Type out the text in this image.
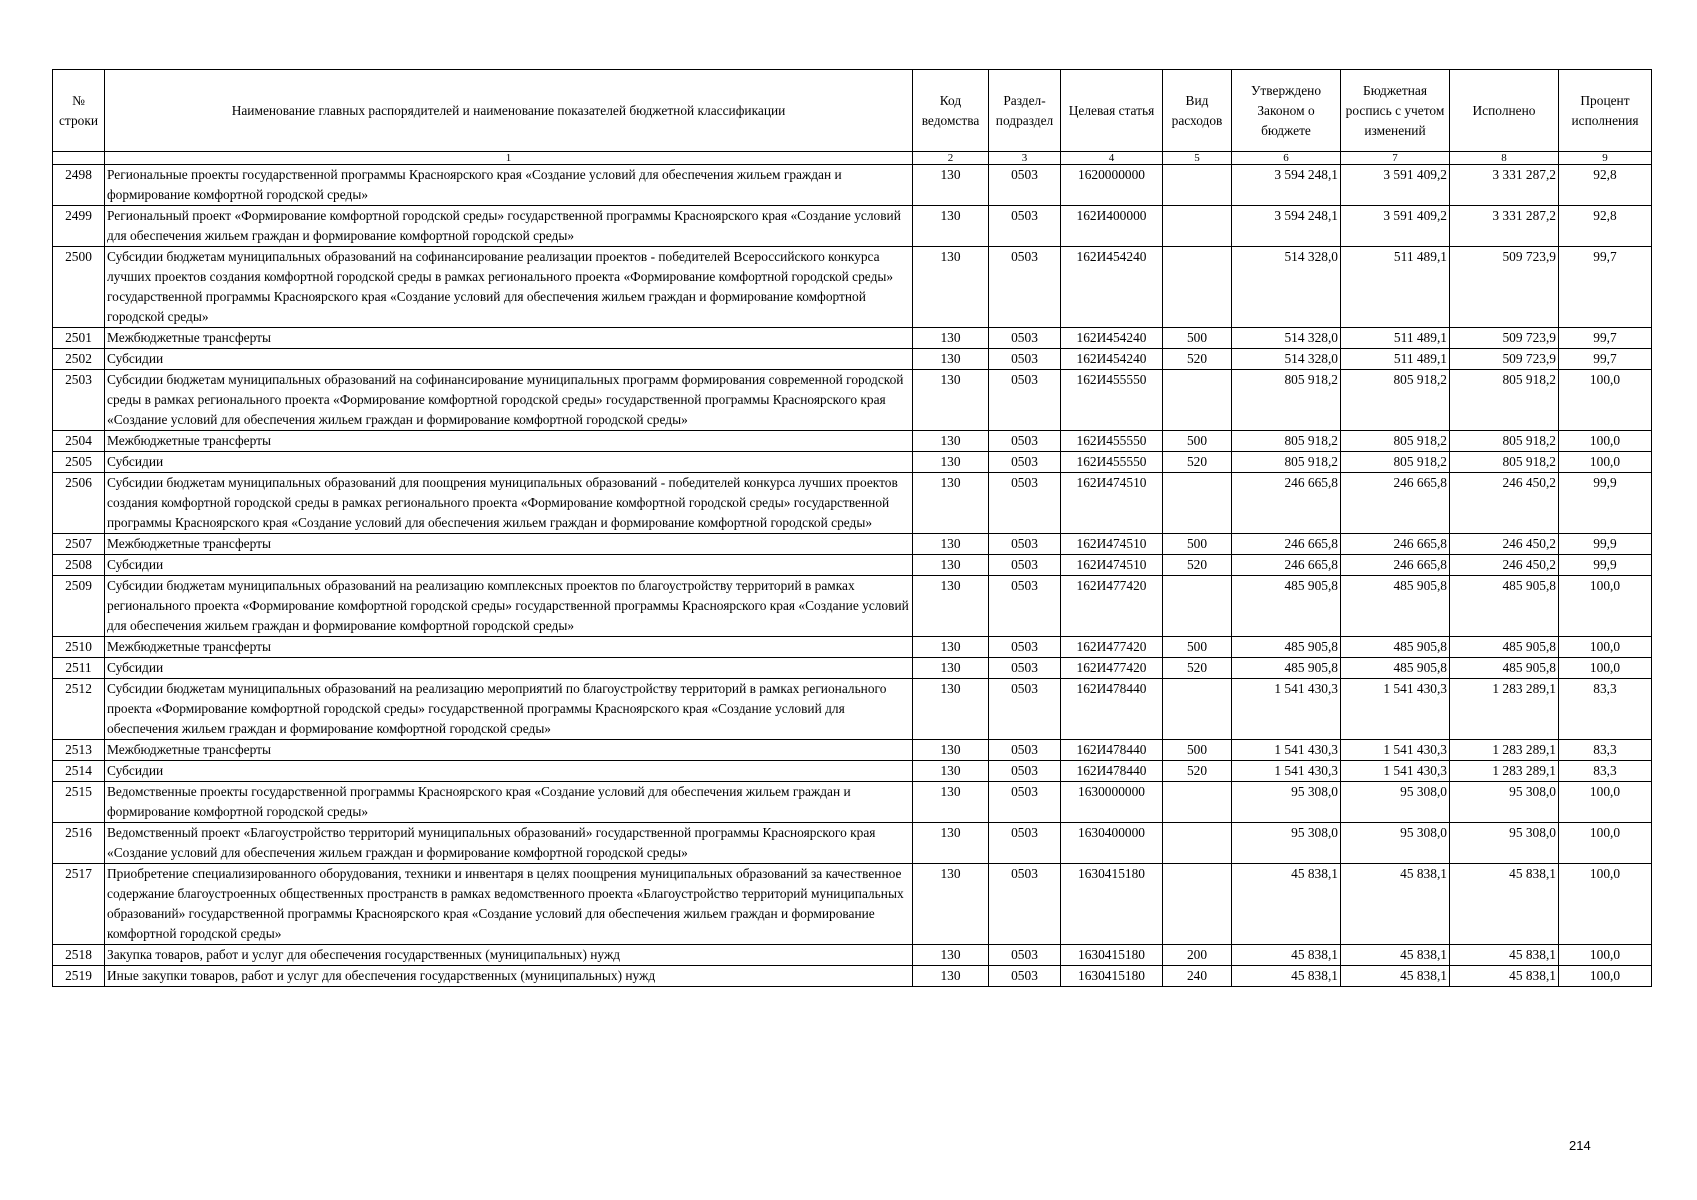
№ строки	Наименование главных распорядителей и наименование показателей бюджетной классификации	Код ведомства	Раздел-подраздел	Целевая статья	Вид расходов	Утверждено Законом о бюджете	Бюджетная роспись с учетом изменений	Исполнено	Процент исполнения
	1	2	3	4	5	6	7	8	9
2498	Региональные проекты государственной программы Красноярского края «Создание условий для обеспечения жильем граждан и формирование комфортной городской среды»	130	0503	1620000000		3 594 248,1	3 591 409,2	3 331 287,2	92,8
2499	Региональный проект «Формирование комфортной городской среды» государственной программы Красноярского края «Создание условий для обеспечения жильем граждан и формирование комфортной городской среды»	130	0503	162И400000		3 594 248,1	3 591 409,2	3 331 287,2	92,8
2500	Субсидии бюджетам муниципальных образований на софинансирование реализации проектов - победителей Всероссийского конкурса лучших проектов создания комфортной городской среды в рамках регионального проекта «Формирование комфортной городской среды» государственной программы Красноярского края «Создание условий для обеспечения жильем граждан и формирование комфортной городской среды»	130	0503	162И454240		514 328,0	511 489,1	509 723,9	99,7
2501	Межбюджетные трансферты	130	0503	162И454240	500	514 328,0	511 489,1	509 723,9	99,7
2502	Субсидии	130	0503	162И454240	520	514 328,0	511 489,1	509 723,9	99,7
2503	Субсидии бюджетам муниципальных образований на софинансирование муниципальных программ формирования современной городской среды в рамках регионального проекта «Формирование комфортной городской среды» государственной программы Красноярского края «Создание условий для обеспечения жильем граждан и формирование комфортной городской среды»	130	0503	162И455550		805 918,2	805 918,2	805 918,2	100,0
2504	Межбюджетные трансферты	130	0503	162И455550	500	805 918,2	805 918,2	805 918,2	100,0
2505	Субсидии	130	0503	162И455550	520	805 918,2	805 918,2	805 918,2	100,0
2506	Субсидии бюджетам муниципальных образований для поощрения муниципальных образований - победителей конкурса лучших проектов создания комфортной городской среды в рамках регионального проекта «Формирование комфортной городской среды» государственной программы Красноярского края «Создание условий для обеспечения жильем граждан и формирование комфортной городской среды»	130	0503	162И474510		246 665,8	246 665,8	246 450,2	99,9
2507	Межбюджетные трансферты	130	0503	162И474510	500	246 665,8	246 665,8	246 450,2	99,9
2508	Субсидии	130	0503	162И474510	520	246 665,8	246 665,8	246 450,2	99,9
2509	Субсидии бюджетам муниципальных образований на реализацию комплексных проектов по благоустройству территорий в рамках регионального проекта «Формирование комфортной городской среды» государственной программы Красноярского края «Создание условий для обеспечения жильем граждан и формирование комфортной городской среды»	130	0503	162И477420		485 905,8	485 905,8	485 905,8	100,0
2510	Межбюджетные трансферты	130	0503	162И477420	500	485 905,8	485 905,8	485 905,8	100,0
2511	Субсидии	130	0503	162И477420	520	485 905,8	485 905,8	485 905,8	100,0
2512	Субсидии бюджетам муниципальных образований на реализацию мероприятий по благоустройству территорий в рамках регионального проекта «Формирование комфортной городской среды» государственной программы Красноярского края «Создание условий для обеспечения жильем граждан и формирование комфортной городской среды»	130	0503	162И478440		1 541 430,3	1 541 430,3	1 283 289,1	83,3
2513	Межбюджетные трансферты	130	0503	162И478440	500	1 541 430,3	1 541 430,3	1 283 289,1	83,3
2514	Субсидии	130	0503	162И478440	520	1 541 430,3	1 541 430,3	1 283 289,1	83,3
2515	Ведомственные проекты государственной программы Красноярского края «Создание условий для обеспечения жильем граждан и формирование комфортной городской среды»	130	0503	1630000000		95 308,0	95 308,0	95 308,0	100,0
2516	Ведомственный проект «Благоустройство территорий муниципальных образований» государственной программы Красноярского края «Создание условий для обеспечения жильем граждан и формирование комфортной городской среды»	130	0503	1630400000		95 308,0	95 308,0	95 308,0	100,0
2517	Приобретение специализированного оборудования, техники и инвентаря в целях поощрения муниципальных образований за качественное содержание благоустроенных общественных пространств в рамках ведомственного проекта «Благоустройство территорий муниципальных образований» государственной программы Красноярского края «Создание условий для обеспечения жильем граждан и формирование комфортной городской среды»	130	0503	1630415180		45 838,1	45 838,1	45 838,1	100,0
2518	Закупка товаров, работ и услуг для обеспечения государственных (муниципальных) нужд	130	0503	1630415180	200	45 838,1	45 838,1	45 838,1	100,0
2519	Иные закупки товаров, работ и услуг для обеспечения государственных (муниципальных) нужд	130	0503	1630415180	240	45 838,1	45 838,1	45 838,1	100,0
214
